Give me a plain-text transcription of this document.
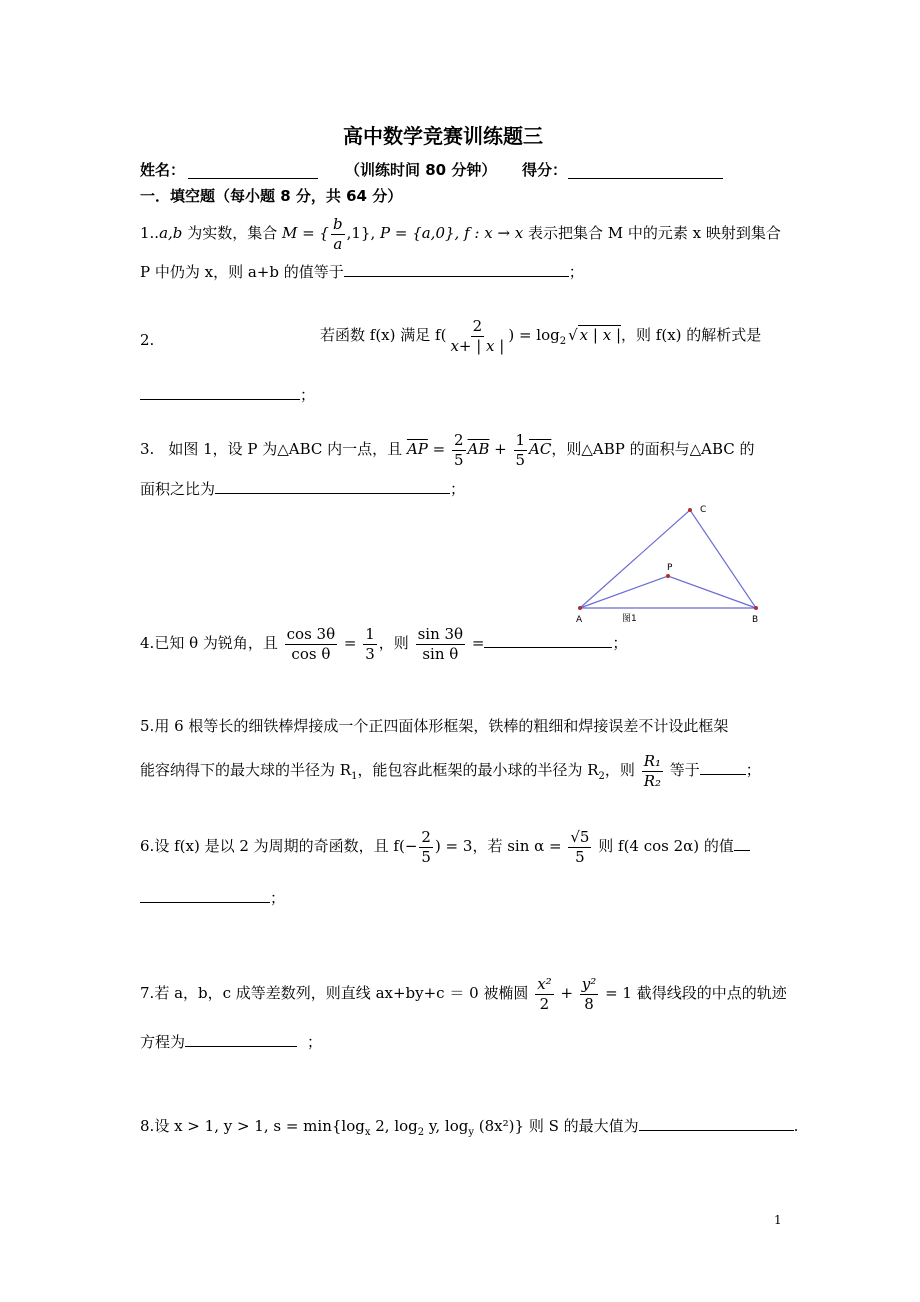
高中数学竞赛训练题三
姓名：	（训练时间 80 分钟） 得分：
一．填空题（每小题 8 分，共 64 分）
1..a,b 为实数，集合 M = { $\frac{b}{a} ,1$}, P = {a,0}, f : x → x 表示把集合 M 中的元素 x 映射到集合
P 中仍为 x，则 a+b 的值等于	；
2.	若函数 f(x) 满足 $f( \frac{2}{x+ | x |}$ ) = $\log_2$ √ x | x |，则 f(x) 的解析式是
；
3. 如图 1，设 P 为△ABC 内一点，且 $\overline{AP} = \frac{2}{5} \overline{AB} + \frac{1}{5} \overline{AC}$，则△ABP 的面积与△ABC 的
面积之比为	；
A	B
C
P
图1
4.已知 θ 为锐角，且 $\frac{\cos 3\theta}{\text{cos θ}} = \frac{1}{3}$ ，则 $\frac{\sin 3\theta}{\text{sin θ}}$ =	；
5.用 6 根等长的细铁棒焊接成一个正四面体形框架，铁棒的粗细和焊接误差不计设此框架
能容纳得下的最大球的半径为 $R_1$，能包容此框架的最小球的半径为 $R_2$，则 $\frac{\text{R₁}}{\text{R₂}}$ 等于	；
6.设 f(x) 是以 2 为周期的奇函数，且 $f(- \frac{2}{5}$ ) = 3，若 $\sin \alpha = \frac{√5}{5}$ 则 f(4 cos 2α) 的值
；
7.若 a，b，c 成等差数列，则直线 ax+by+c ＝ 0 被椭圆 $\frac{\text{x²}}{2} + \frac{\text{y²}}{8} = 1$ 截得线段的中点的轨迹
方程为	；
8.设 x > 1, y > 1, $s = \min\{\log_x$ 2, $\log_2 y$, $\log_y (8x^2)$} 则 S 的最大值为	.
1
